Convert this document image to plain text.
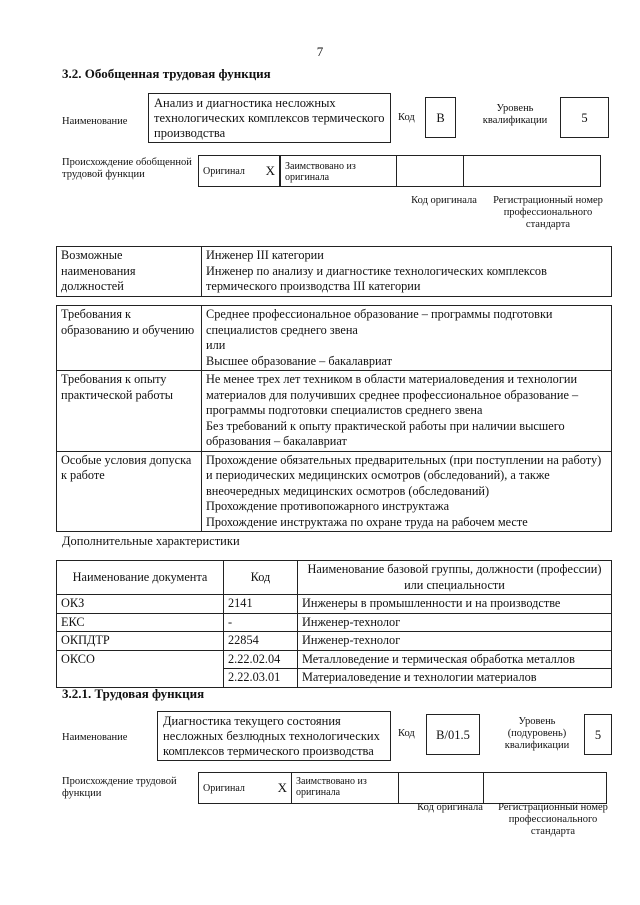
7
3.2. Обобщенная трудовая функция
Наименование
Анализ и диагностика несложных технологических комплексов термического производства
Код	B
Уровень квалификации	5
Происхождение обобщенной трудовой функции	Оригинал X		Заимствовано из оригинала

Код оригинала	Регистрационный номер профессионального стандарта
Возможные наименования должностей	Инженер III категории
Инженер по анализу и диагностике технологических комплексов термического производства III категории
Требования к образованию и обучению	Среднее профессиональное образование – программы подготовки специалистов среднего звена
или
Высшее образование – бакалавриат
Требования к опыту практической работы	Не менее трех лет техником в области материаловедения и технологии материалов для получивших среднее профессиональное образование – программы подготовки специалистов среднего звена
Без требований к опыту практической работы при наличии высшего образования – бакалавриат
Особые условия допуска к работе	Прохождение обязательных предварительных (при поступлении на работу) и периодических медицинских осмотров (обследований), а также внеочередных медицинских осмотров (обследований)
Прохождение противопожарного инструктажа
Прохождение инструктажа по охране труда на рабочем месте
Дополнительные характеристики
Наименование документа	Код	Наименование базовой группы, должности (профессии) или специальности
ОКЗ	2141	Инженеры в промышленности и на производстве
ЕКС	-	Инженер-технолог
ОКПДТР	22854	Инженер-технолог
ОКСО	2.22.02.04	Металловедение и термическая обработка металлов
	2.22.03.01	Материаловедение и технологии материалов
3.2.1. Трудовая функция
Наименование
Диагностика текущего состояния несложных безлюдных технологических комплексов термического производства
Код	B/01.5
Уровень (подуровень) квалификации
5
Происхождение трудовой функции	Оригинал	X	Заимствовано из оригинала

Код оригинала	Регистрационный номер профессионального стандарта
